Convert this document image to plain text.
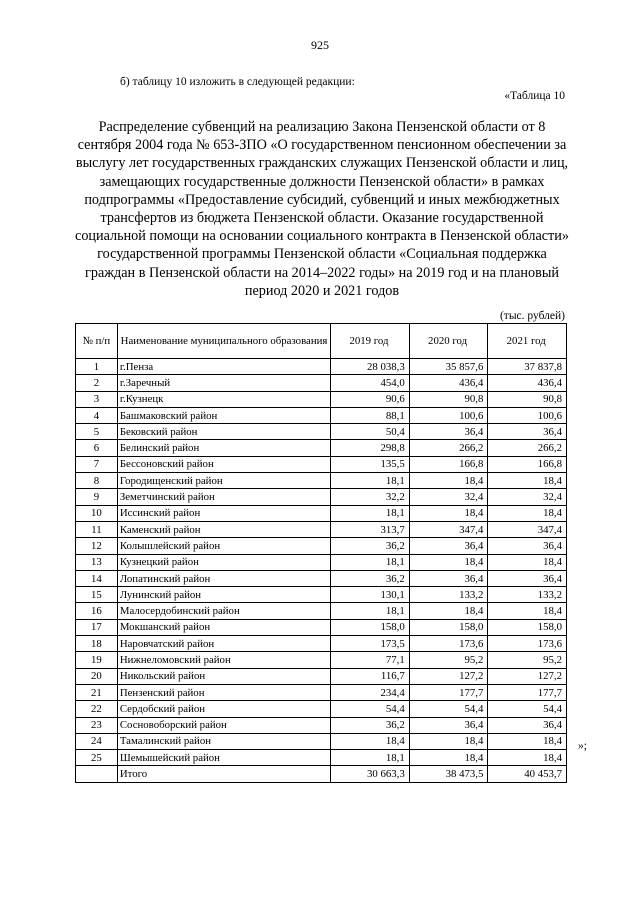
925
б) таблицу 10 изложить в следующей редакции:
«Таблица 10
Распределение субвенций на реализацию Закона Пензенской области от 8 сентября 2004 года № 653-ЗПО «О государственном пенсионном обеспечении за выслугу лет государственных гражданских служащих Пензенской области и лиц, замещающих государственные должности Пензенской области» в рамках подпрограммы «Предоставление субсидий, субвенций и иных межбюджетных трансфертов из бюджета Пензенской области. Оказание государственной социальной помощи на основании социального контракта в Пензенской области» государственной программы Пензенской области «Социальная поддержка граждан в Пензенской области на 2014–2022 годы» на 2019 год и на плановый период 2020 и 2021 годов
(тыс. рублей)
№ п/п	Наименование муниципального образования	2019 год	2020 год	2021 год
1	г.Пенза	28 038,3	35 857,6	37 837,8
2	г.Заречный	454,0	436,4	436,4
3	г.Кузнецк	90,6	90,8	90,8
4	Башмаковский район	88,1	100,6	100,6
5	Бековский район	50,4	36,4	36,4
6	Белинский район	298,8	266,2	266,2
7	Бессоновский район	135,5	166,8	166,8
8	Городищенский район	18,1	18,4	18,4
9	Земетчинский район	32,2	32,4	32,4
10	Иссинский район	18,1	18,4	18,4
11	Каменский район	313,7	347,4	347,4
12	Колышлейский район	36,2	36,4	36,4
13	Кузнецкий район	18,1	18,4	18,4
14	Лопатинский район	36,2	36,4	36,4
15	Лунинский район	130,1	133,2	133,2
16	Малосердобинский район	18,1	18,4	18,4
17	Мокшанский район	158,0	158,0	158,0
18	Наровчатский район	173,5	173,6	173,6
19	Нижнеломовский район	77,1	95,2	95,2
20	Никольский район	116,7	127,2	127,2
21	Пензенский район	234,4	177,7	177,7
22	Сердобский район	54,4	54,4	54,4
23	Сосновоборский район	36,2	36,4	36,4
24	Тамалинский район	18,4	18,4	18,4
25	Шемышейский район	18,1	18,4	18,4
	Итого	30 663,3	38 473,5	40 453,7
»;
